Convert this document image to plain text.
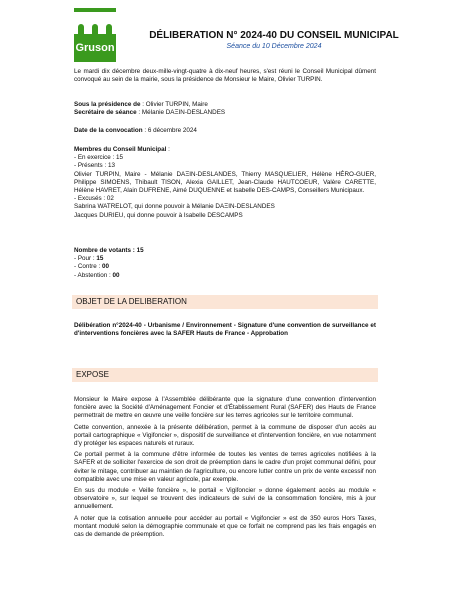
Gruson
DÉLIBERATION N° 2024-40 DU CONSEIL MUNICIPAL
Séance du 10 Décembre 2024

Le mardi dix décembre deux-mille-vingt-quatre à dix-neuf heures, s'est réuni le Conseil Municipal dûment convoqué au sein de la mairie, sous la présidence de Monsieur le Maire, Olivier TURPIN.

Sous la présidence de : Olivier TURPIN, Maire

Secrétaire de séance : Mélanie DAΞIN-DESLANDES

Date de la convocation : 6 décembre 2024

Membres du Conseil Municipal :

- En exercice : 15

- Présents : 13

Olivier TURPIN, Maire - Mélanie DAΞIN-DESLANDES, Thierry MASQUELIER, Hélène HÉRO-GUER, Philippe SIMOENS, Thibault TISON, Alexia GAILLET, Jean-Claude HAUTCOEUR, Valère CARETTE, Hélène HAVRET, Alain DUFRENE, Aimé DUQUENNE et Isabelle DES-CAMPS, Conseillers Municipaux.

- Excusés : 02

Sabrina WATRELOT, qui donne pouvoir à Mélanie DAΞIN-DESLANDES

Jacques DURIEU, qui donne pouvoir à Isabelle DESCAMPS

Nombre de votants : 15

- Pour : 15

- Contre : 00

- Abstention : 00

OBJET DE LA DELIBERATION

Délibération n°2024-40 - Urbanisme / Environnement - Signature d'une convention de surveillance et d'interventions foncières avec la SAFER Hauts de France - Approbation

EXPOSE

Monsieur le Maire expose à l'Assemblée délibérante que la signature d'une convention d'intervention foncière avec la Société d'Aménagement Foncier et d'Établissement Rural (SAFER) des Hauts de France permettrait de mettre en œuvre une veille foncière sur les terres agricoles sur le territoire communal.

Cette convention, annexée à la présente délibération, permet à la commune de disposer d'un accès au portail cartographique « Vigifoncier », dispositif de surveillance et d'intervention foncière, en vue notamment d'y protéger les espaces naturels et ruraux.

Ce portail permet à la commune d'être informée de toutes les ventes de terres agricoles notifiées à la SAFER et de solliciter l'exercice de son droit de préemption dans le cadre d'un projet communal défini, pour éviter le mitage, contribuer au maintien de l'agriculture, ou encore lutter contre un prix de vente excessif non compatible avec une mise en valeur agricole, par exemple.

En sus du module « Veille foncière », le portail « Vigifoncier » donne également accès au module « observatoire », sur lequel se trouvent des indicateurs de suivi de la consommation foncière, mis à jour annuellement.

A noter que la cotisation annuelle pour accéder au portail « Vigifoncier » est de 350 euros Hors Taxes, montant modulé selon la démographie communale et que ce forfait ne comprend pas les frais engagés en cas de demande de préemption.
